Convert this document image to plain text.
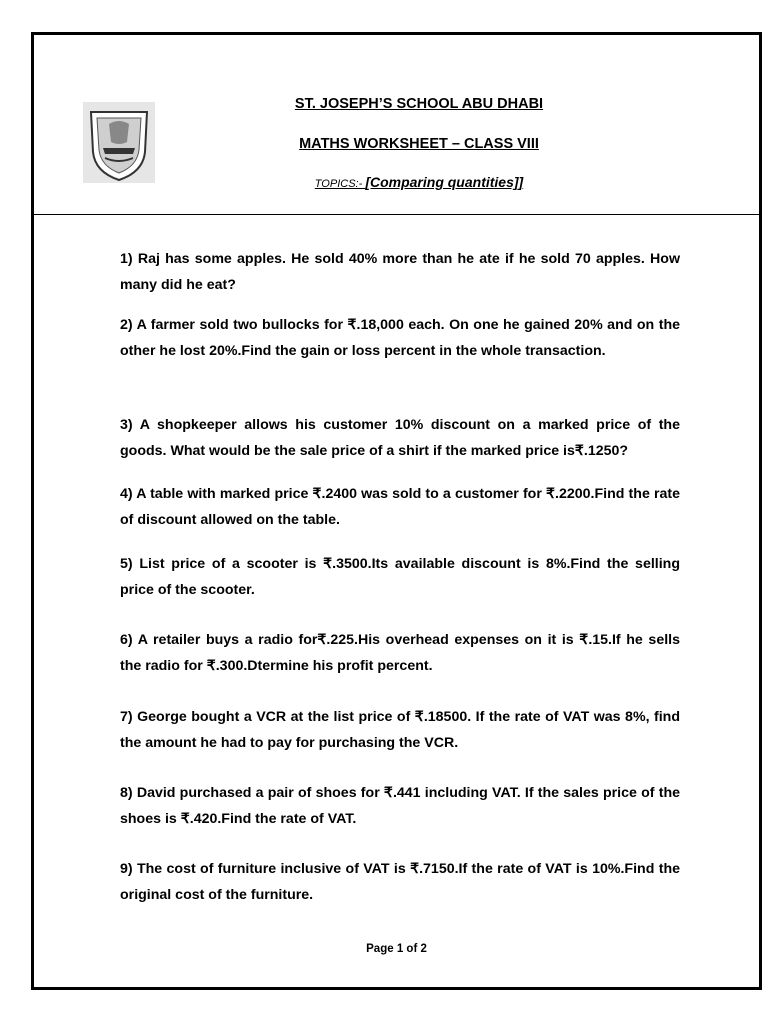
ST. JOSEPH’S SCHOOL ABU DHABI
MATHS WORKSHEET – CLASS VIII
TOPICS:- [Comparing quantities]]
1) Raj has some apples. He sold 40% more than he ate if he sold 70 apples. How many did he eat?
2) A farmer sold two bullocks for ₹.18,000 each. On one he gained 20% and on the other he lost 20%.Find the gain or loss percent in the whole transaction.
3) A shopkeeper allows his customer 10% discount on a marked price of the goods. What would be the sale price of a shirt if the marked price is₹.1250?
4) A table with marked price ₹.2400 was sold to a customer for ₹.2200.Find the rate of discount allowed on the table.
5) List price of a scooter is ₹.3500.Its available discount is 8%.Find the selling price of the scooter.
6) A retailer buys a radio for₹.225.His overhead expenses on it is ₹.15.If he sells the radio for ₹.300.Dtermine his profit percent.
7) George bought a VCR at the list price of ₹.18500. If the rate of VAT was 8%, find the amount he had to pay for purchasing the VCR.
8) David purchased a pair of shoes for ₹.441 including VAT. If the sales price of the shoes is ₹.420.Find the rate of VAT.
9) The cost of furniture inclusive of VAT is ₹.7150.If the rate of VAT is 10%.Find the original cost of the furniture.
Page 1 of 2
